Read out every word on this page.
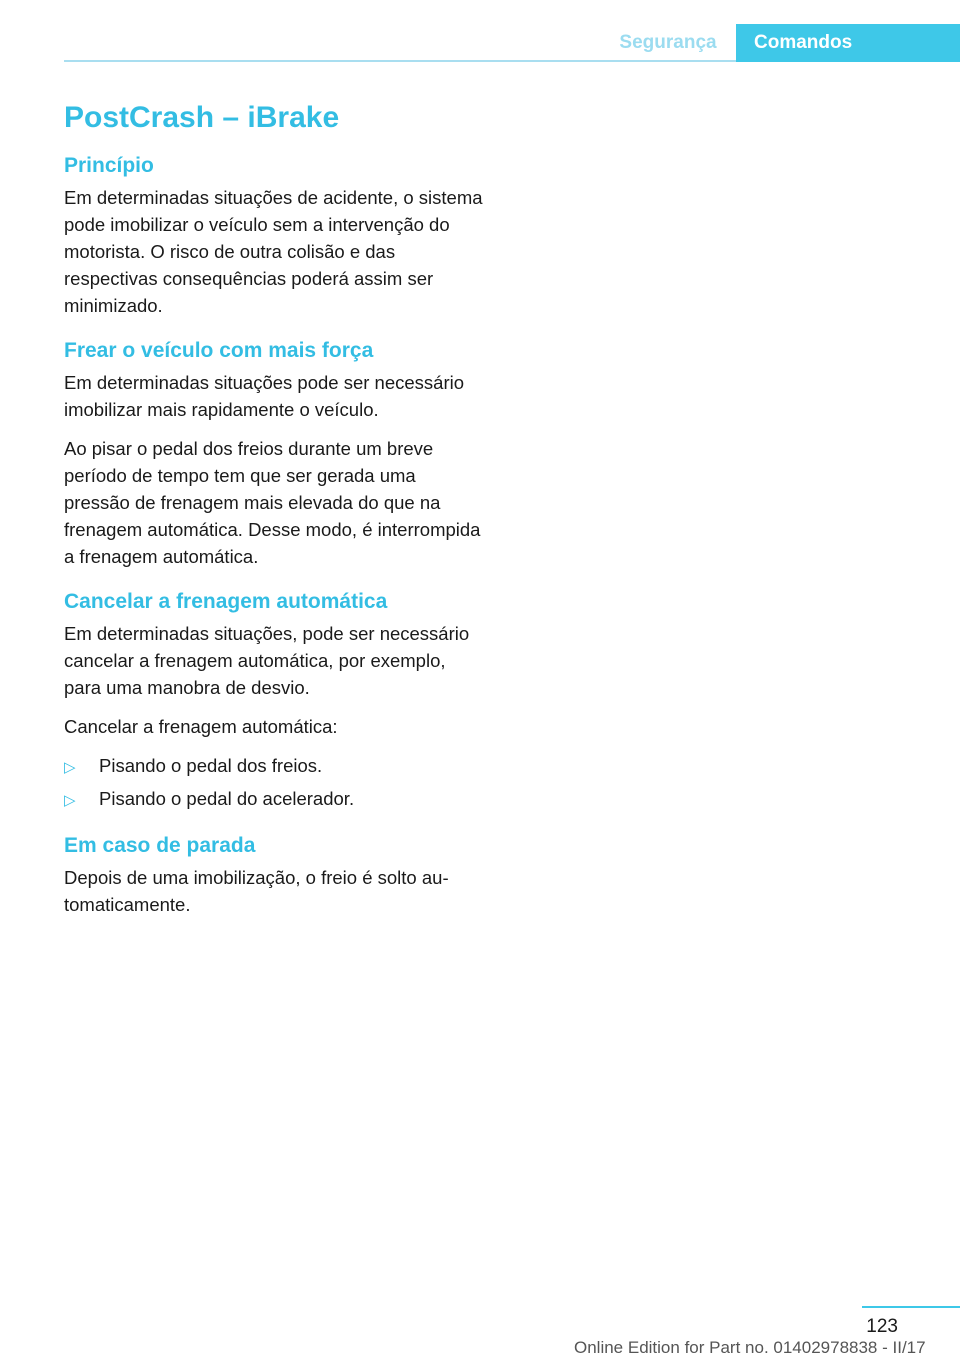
Segurança	Comandos
PostCrash – iBrake
Princípio

Em determinadas situações de acidente, o sistema pode imobilizar o veículo sem a intervenção do motorista. O risco de outra colisão e das respectivas consequências poderá assim ser minimizado.

Frear o veículo com mais força

Em determinadas situações pode ser necessário imobilizar mais rapidamente o veículo.

Ao pisar o pedal dos freios durante um breve período de tempo tem que ser gerada uma pressão de frenagem mais elevada do que na frenagem automática. Desse modo, é interrompida a frenagem automática.

Cancelar a frenagem automática

Em determinadas situações, pode ser necessário cancelar a frenagem automática, por exemplo, para uma manobra de desvio.

Cancelar a frenagem automática:

▷	Pisando o pedal dos freios.
▷	Pisando o pedal do acelerador.
Em caso de parada

Depois de uma imobilização, o freio é solto automaticamente.

123
Online Edition for Part no. 01402978838 - II/17
